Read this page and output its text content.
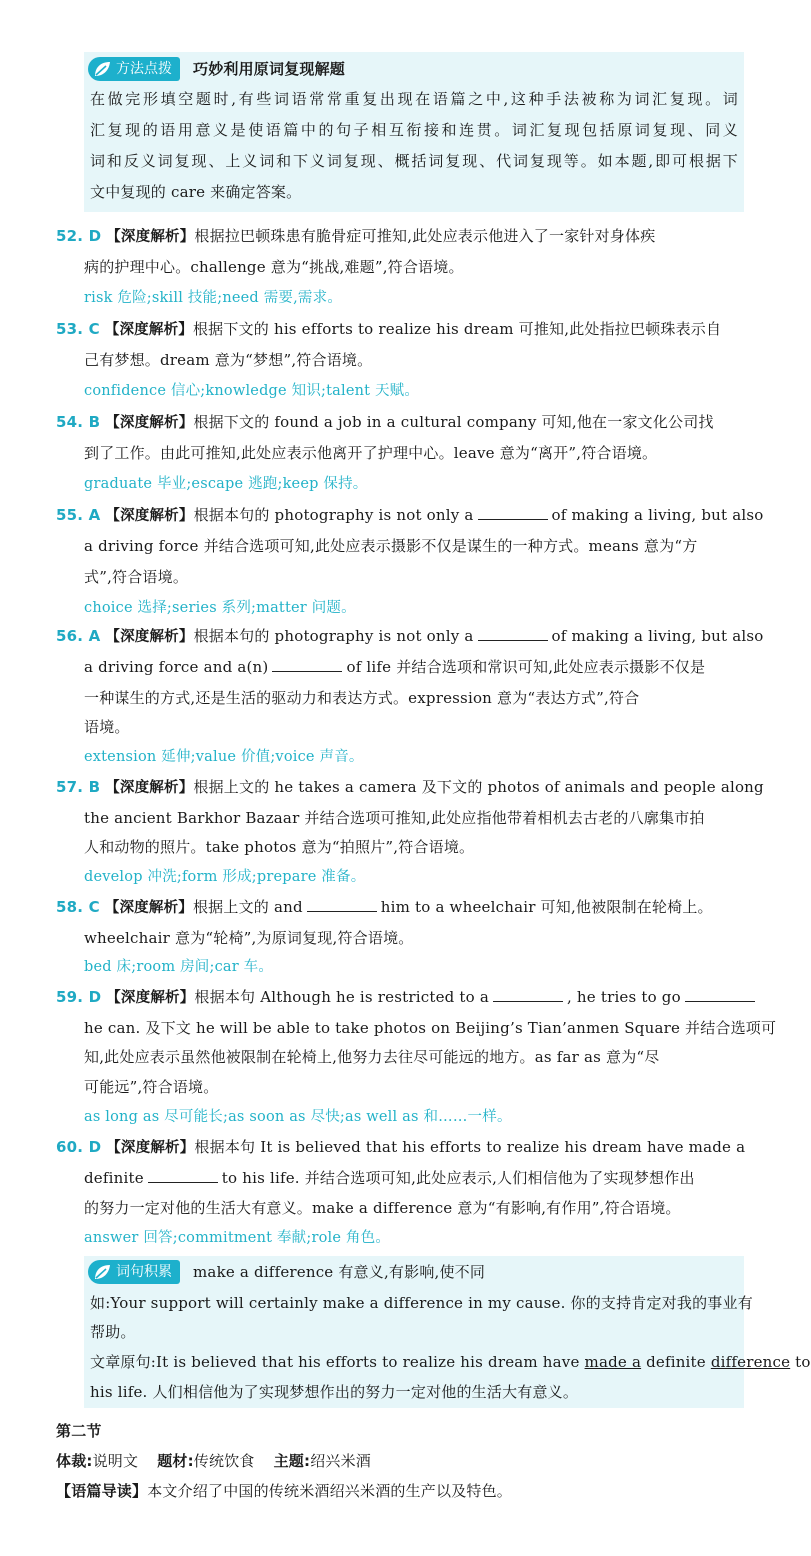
方法点拨	巧妙利用原词复现解题
在做完形填空题时,有些词语常常重复出现在语篇之中,这种手法被称为词汇复现。词
汇复现的语用意义是使语篇中的句子相互衔接和连贯。词汇复现包括原词复现、同义
词和反义词复现、上义词和下义词复现、概括词复现、代词复现等。如本题,即可根据下
文中复现的 care 来确定答案。
52. D 【深度解析】根据拉巴顿珠患有脆骨症可推知,此处应表示他进入了一家针对身体疾
病的护理中心。challenge 意为“挑战,难题”,符合语境。
risk 危险;skill 技能;need 需要,需求。
53. C 【深度解析】根据下文的 his efforts to realize his dream 可推知,此处指拉巴顿珠表示自
己有梦想。dream 意为“梦想”,符合语境。
confidence 信心;knowledge 知识;talent 天赋。
54. B 【深度解析】根据下文的 found a job in a cultural company 可知,他在一家文化公司找
到了工作。由此可推知,此处应表示他离开了护理中心。leave 意为“离开”,符合语境。
graduate 毕业;escape 逃跑;keep 保持。
55. A 【深度解析】根据本句的 photography is not only a	of making a living, but also
a driving force 并结合选项可知,此处应表示摄影不仅是谋生的一种方式。means 意为“方
式”,符合语境。
choice 选择;series 系列;matter 问题。
56. A 【深度解析】根据本句的 photography is not only a	of making a living, but also
a driving force and a(n)	of life 并结合选项和常识可知,此处应表示摄影不仅是
一种谋生的方式,还是生活的驱动力和表达方式。expression 意为“表达方式”,符合
语境。
extension 延伸;value 价值;voice 声音。
57. B 【深度解析】根据上文的 he takes a camera 及下文的 photos of animals and people along
the ancient Barkhor Bazaar 并结合选项可推知,此处应指他带着相机去古老的八廓集市拍
人和动物的照片。take photos 意为“拍照片”,符合语境。
develop 冲洗;form 形成;prepare 准备。
58. C 【深度解析】根据上文的 and	him to a wheelchair 可知,他被限制在轮椅上。
wheelchair 意为“轮椅”,为原词复现,符合语境。
bed 床;room 房间;car 车。
59. D 【深度解析】根据本句 Although he is restricted to a	, he tries to go
he can. 及下文 he will be able to take photos on Beijing’s Tian’anmen Square 并结合选项可
知,此处应表示虽然他被限制在轮椅上,他努力去往尽可能远的地方。as far as 意为“尽
可能远”,符合语境。
as long as 尽可能长;as soon as 尽快;as well as 和……一样。
60. D 【深度解析】根据本句 It is believed that his efforts to realize his dream have made a
definite	to his life. 并结合选项可知,此处应表示,人们相信他为了实现梦想作出
的努力一定对他的生活大有意义。make a difference 意为“有影响,有作用”,符合语境。
answer 回答;commitment 奉献;role 角色。
词句积累	make a difference 有意义,有影响,使不同
如:Your support will certainly make a difference in my cause. 你的支持肯定对我的事业有
帮助。
文章原句:It is believed that his efforts to realize his dream have made a definite difference to
his life. 人们相信他为了实现梦想作出的努力一定对他的生活大有意义。
第二节
体裁:说明文 题材:传统饮食 主题:绍兴米酒
【语篇导读】本文介绍了中国的传统米酒绍兴米酒的生产以及特色。
